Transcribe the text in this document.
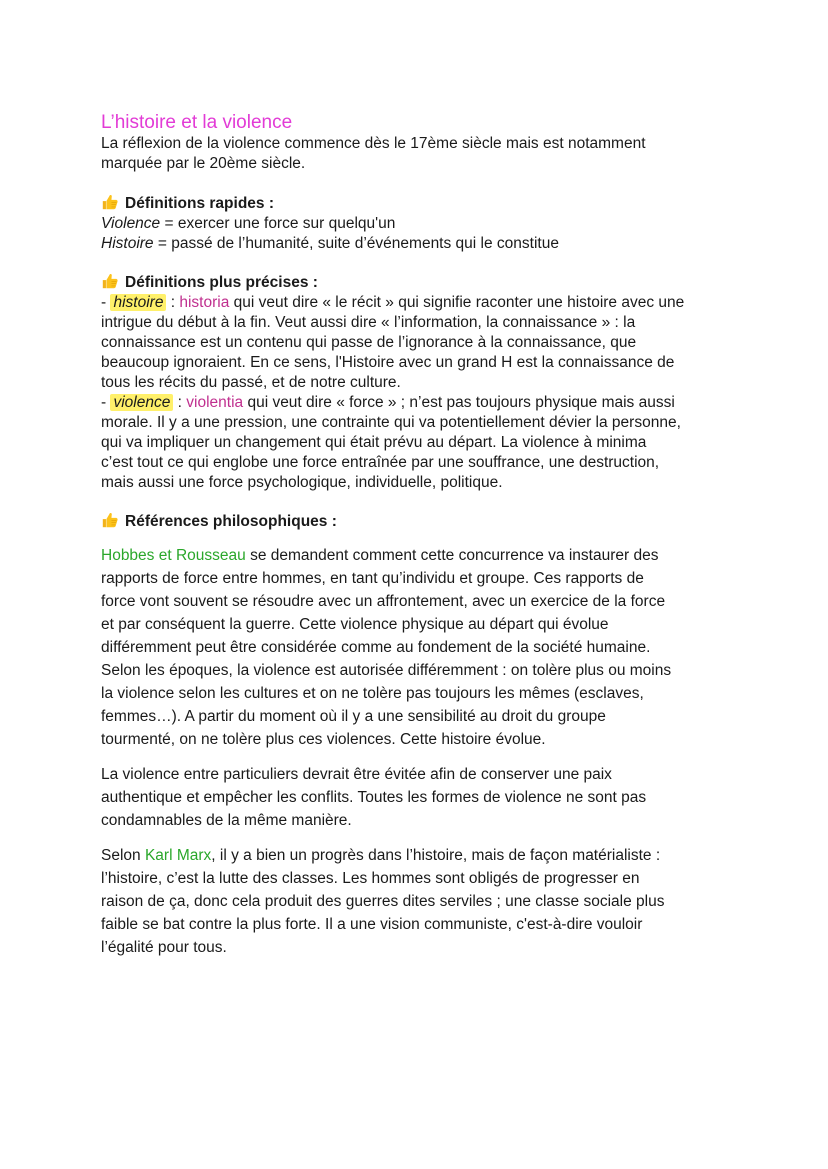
L’histoire et la violence

La réflexion de la violence commence dès le 17ème siècle mais est notamment

marquée par le 20ème siècle.

Définitions rapides :

Violence = exercer une force sur quelqu'un

Histoire = passé de l’humanité, suite d’événements qui le constitue

Définitions plus précises :

- histoire : historia qui veut dire « le récit » qui signifie raconter une histoire avec une

intrigue du début à la fin. Veut aussi dire « l’information, la connaissance » : la

connaissance est un contenu qui passe de l’ignorance à la connaissance, que

beaucoup ignoraient. En ce sens, l'Histoire avec un grand H est la connaissance de

tous les récits du passé, et de notre culture.

- violence : violentia qui veut dire « force » ; n’est pas toujours physique mais aussi

morale. Il y a une pression, une contrainte qui va potentiellement dévier la personne,

qui va impliquer un changement qui était prévu au départ. La violence à minima

c’est tout ce qui englobe une force entraînée par une souffrance, une destruction,

mais aussi une force psychologique, individuelle, politique.

Références philosophiques :

Hobbes et Rousseau se demandent comment cette concurrence va instaurer des

rapports de force entre hommes, en tant qu’individu et groupe. Ces rapports de

force vont souvent se résoudre avec un affrontement, avec un exercice de la force

et par conséquent la guerre. Cette violence physique au départ qui évolue

différemment peut être considérée comme au fondement de la société humaine.

Selon les époques, la violence est autorisée différemment : on tolère plus ou moins

la violence selon les cultures et on ne tolère pas toujours les mêmes (esclaves,

femmes…). A partir du moment où il y a une sensibilité au droit du groupe

tourmenté, on ne tolère plus ces violences. Cette histoire évolue.

La violence entre particuliers devrait être évitée afin de conserver une paix

authentique et empêcher les conflits. Toutes les formes de violence ne sont pas

condamnables de la même manière.

Selon Karl Marx, il y a bien un progrès dans l’histoire, mais de façon matérialiste :

l’histoire, c’est la lutte des classes. Les hommes sont obligés de progresser en

raison de ça, donc cela produit des guerres dites serviles ; une classe sociale plus

faible se bat contre la plus forte. Il a une vision communiste, c'est-à-dire vouloir

l’égalité pour tous.
